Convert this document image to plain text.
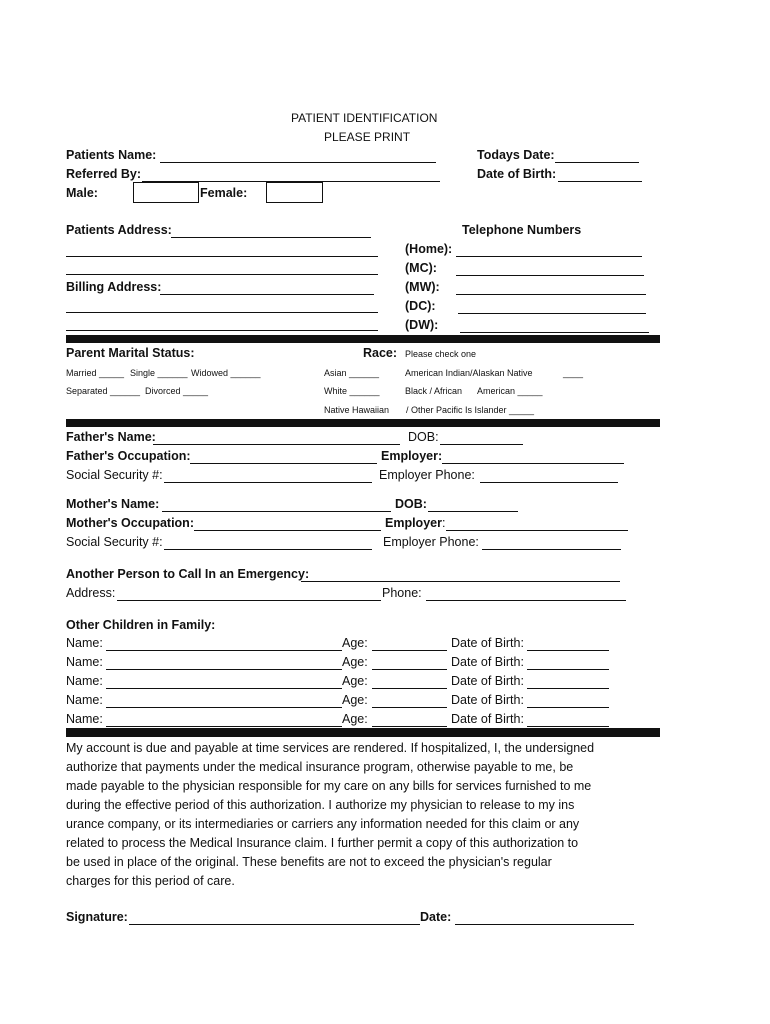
PATIENT IDENTIFICATION
PLEASE PRINT
Patients Name:	Todays Date:
Referred By:	Date of Birth:
Male:	Female:
Patients Address:
Billing Address:
Telephone Numbers
(Home):
(MC):
(MW):
(DC):
(DW):
Parent Marital Status:	Race: Please check one
Married _____ Single ______ Widowed ______	Asian ______	American Indian/Alaskan Native	____
Separated ______ Divorced _____	White ______	Black / African American _____
Native Hawaiian / Other Pacific Is Islander _____
Father's Name:	DOB:
Father's Occupation:	Employer:
Social Security #:	Employer Phone:
Mother's Name:	DOB:
Mother's Occupation:	Employer:
Social Security #:	Employer Phone:
Another Person to Call In an Emergency:
Address:	Phone:
Other Children in Family:
Name:	Age:	Date of Birth:
Name:	Age:	Date of Birth:
Name:	Age:	Date of Birth:
Name:	Age:	Date of Birth:
Name:	Age:	Date of Birth:
My account is due and payable at time services are rendered. If hospitalized, I, the undersigned
authorize that payments under the medical insurance program, otherwise payable to me, be
made payable to the physician responsible for my care on any bills for services furnished to me
during the effective period of this authorization. I authorize my physician to release to my ins
urance company, or its intermediaries or carriers any information needed for this claim or any
related to process the Medical Insurance claim. I further permit a copy of this authorization to
be used in place of the original. These benefits are not to exceed the physician's regular
charges for this period of care.
Signature:	Date:
